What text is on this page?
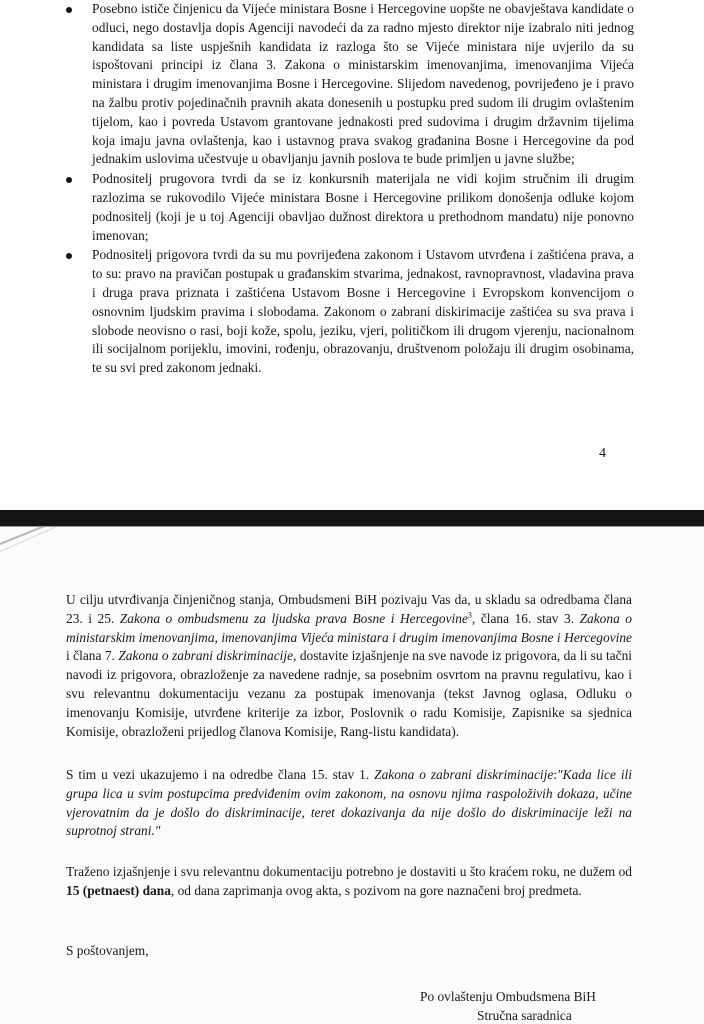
Posebno ističe činjenicu da Vijeće ministara Bosne i Hercegovine uopšte ne obavještava kandidate o odluci, nego dostavlja dopis Agenciji navodeći da za radno mjesto direktor nije izabralo niti jednog kandidata sa liste uspješnih kandidata iz razloga što se Vijeće ministara nije uvjerilo da su ispoštovani principi iz člana 3. Zakona o ministarskim imenovanjima, imenovanjima Vijeća ministara i drugim imenovanjima Bosne i Hercegovine. Slijedom navedenog, povrijeđeno je i pravo na žalbu protiv pojedinačnih pravnih akata donesenih u postupku pred sudom ili drugim ovlaštenim tijelom, kao i povreda Ustavom grantovane jednakosti pred sudovima i drugim državnim tijelima koja imaju javna ovlaštenja, kao i ustavnog prava svakog građanina Bosne i Hercegovine da pod jednakim uslovima učestvuje u obavljanju javnih poslova te bude primljen u javne službe;
Podnositelj prugovora tvrdi da se iz konkursnih materijala ne vidi kojim stručnim ili drugim razlozima se rukovodilo Vijeće ministara Bosne i Hercegovine prilikom donošenja odluke kojom podnositelj (koji je u toj Agenciji obavljao dužnost direktora u prethodnom mandatu) nije ponovno imenovan;
Podnositelj prigovora tvrdi da su mu povrijeđena zakonom i Ustavom utvrđena i zaštićena prava, a to su: pravo na pravičan postupak u građanskim stvarima, jednakost, ravnopravnost, vladavina prava i druga prava priznata i zaštićena Ustavom Bosne i Hercegovine i Evropskom konvencijom o osnovnim ljudskim pravima i slobodama. Zakonom o zabrani diskirimacije zaštićea su sva prava i slobode neovisno o rasi, boji kože, spolu, jeziku, vjeri, političkom ili drugom vjerenju, nacionalnom ili socijalnom porijeklu, imovini, rođenju, obrazovanju, društvenom položaju ili drugim osobinama, te su svi pred zakonom jednaki.
4

U cilju utvrđivanja činjeničnog stanja, Ombudsmeni BiH pozivaju Vas da, u skladu sa odredbama člana 23. i 25. Zakona o ombudsmenu za ljudska prava Bosne i Hercegovine$^3$, člana 16. stav 3. Zakona o ministarskim imenovanjima, imenovanjima Vijeća ministara i drugim imenovanjima Bosne i Hercegovine i člana 7. Zakona o zabrani diskriminacije, dostavite izjašnjenje na sve navode iz prigovora, da li su tačni navodi iz prigovora, obrazloženje za navedene radnje, sa posebnim osvrtom na pravnu regulativu, kao i svu relevantnu dokumentaciju vezanu za postupak imenovanja (tekst Javnog oglasa, Odluku o imenovanju Komisije, utvrđene kriterije za izbor, Poslovnik o radu Komisije, Zapisnike sa sjednica Komisije, obrazloženi prijedlog članova Komisije, Rang-listu kandidata).

S tim u vezi ukazujemo i na odredbe člana 15. stav 1. Zakona o zabrani diskriminacije:"Kada lice ili grupa lica u svim postupcima predviđenim ovim zakonom, na osnovu njima raspoloživih dokaza, učine vjerovatnim da je došlo do diskriminacije, teret dokazivanja da nije došlo do diskriminacije leži na suprotnoj strani."

Traženo izjašnjenje i svu relevantnu dokumentaciju potrebno je dostaviti u što kraćem roku, ne dužem od 15 (petnaest) dana, od dana zaprimanja ovog akta, s pozivom na gore naznačeni broj predmeta.

S poštovanjem,

Po ovlaštenju Ombudsmena BiH
Stručna saradnica
